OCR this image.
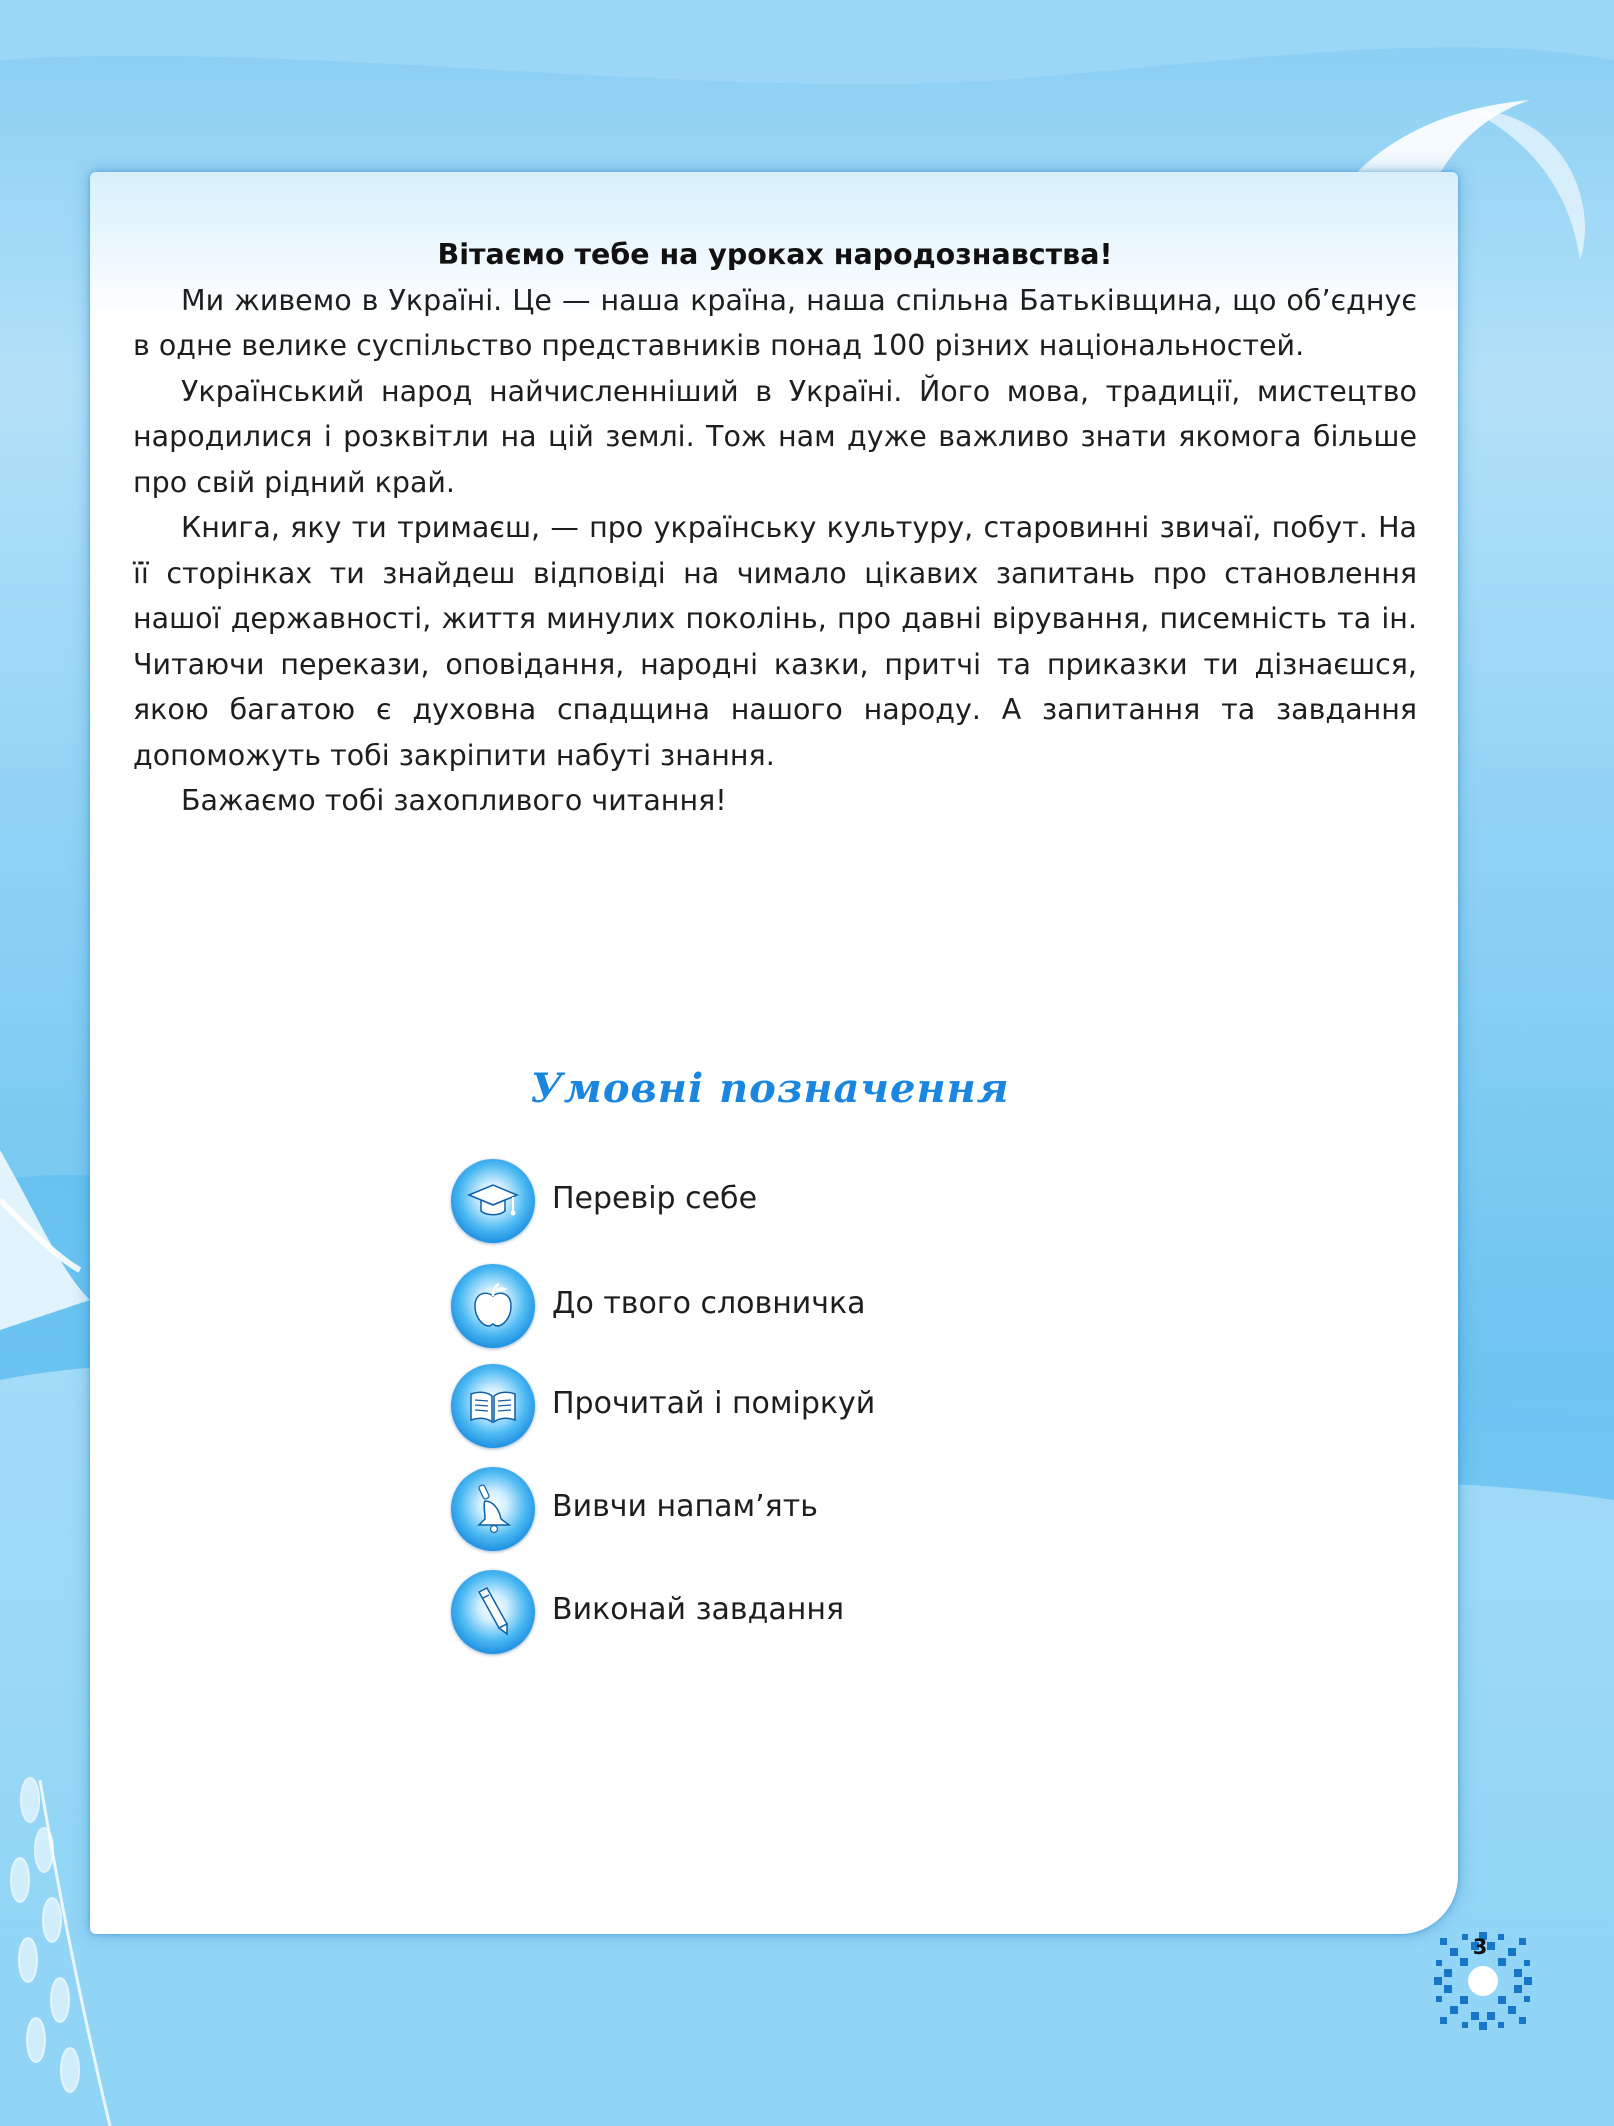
Вітаємо тебе на уроках народознавства!

Ми живемо в Україні. Це — наша країна, наша спільна Батьківщина, що об’єднує в одне велике суспільство представників понад 100 різних національностей.

Український народ найчисленніший в Україні. Його мова, традиції, мистецтво народилися і розквітли на цій землі. Тож нам дуже важливо знати якомога більше про свій рідний край.

Книга, яку ти тримаєш, — про українську культуру, старовинні звичаї, побут. На її сторінках ти знайдеш відповіді на чимало цікавих запитань про становлення нашої державності, життя минулих поколінь, про давні вірування, писемність та ін. Читаючи перекази, оповідання, народні казки, притчі та приказки ти дізнаєшся, якою багатою є духовна спадщина нашого народу. А запитання та завдання допоможуть тобі закріпити набуті знання.

Бажаємо тобі захопливого читання!

Умовні позначення
Перевір себе
До твого словничка
Прочитай і поміркуй
Вивчи напам’ять
Виконай завдання
3
